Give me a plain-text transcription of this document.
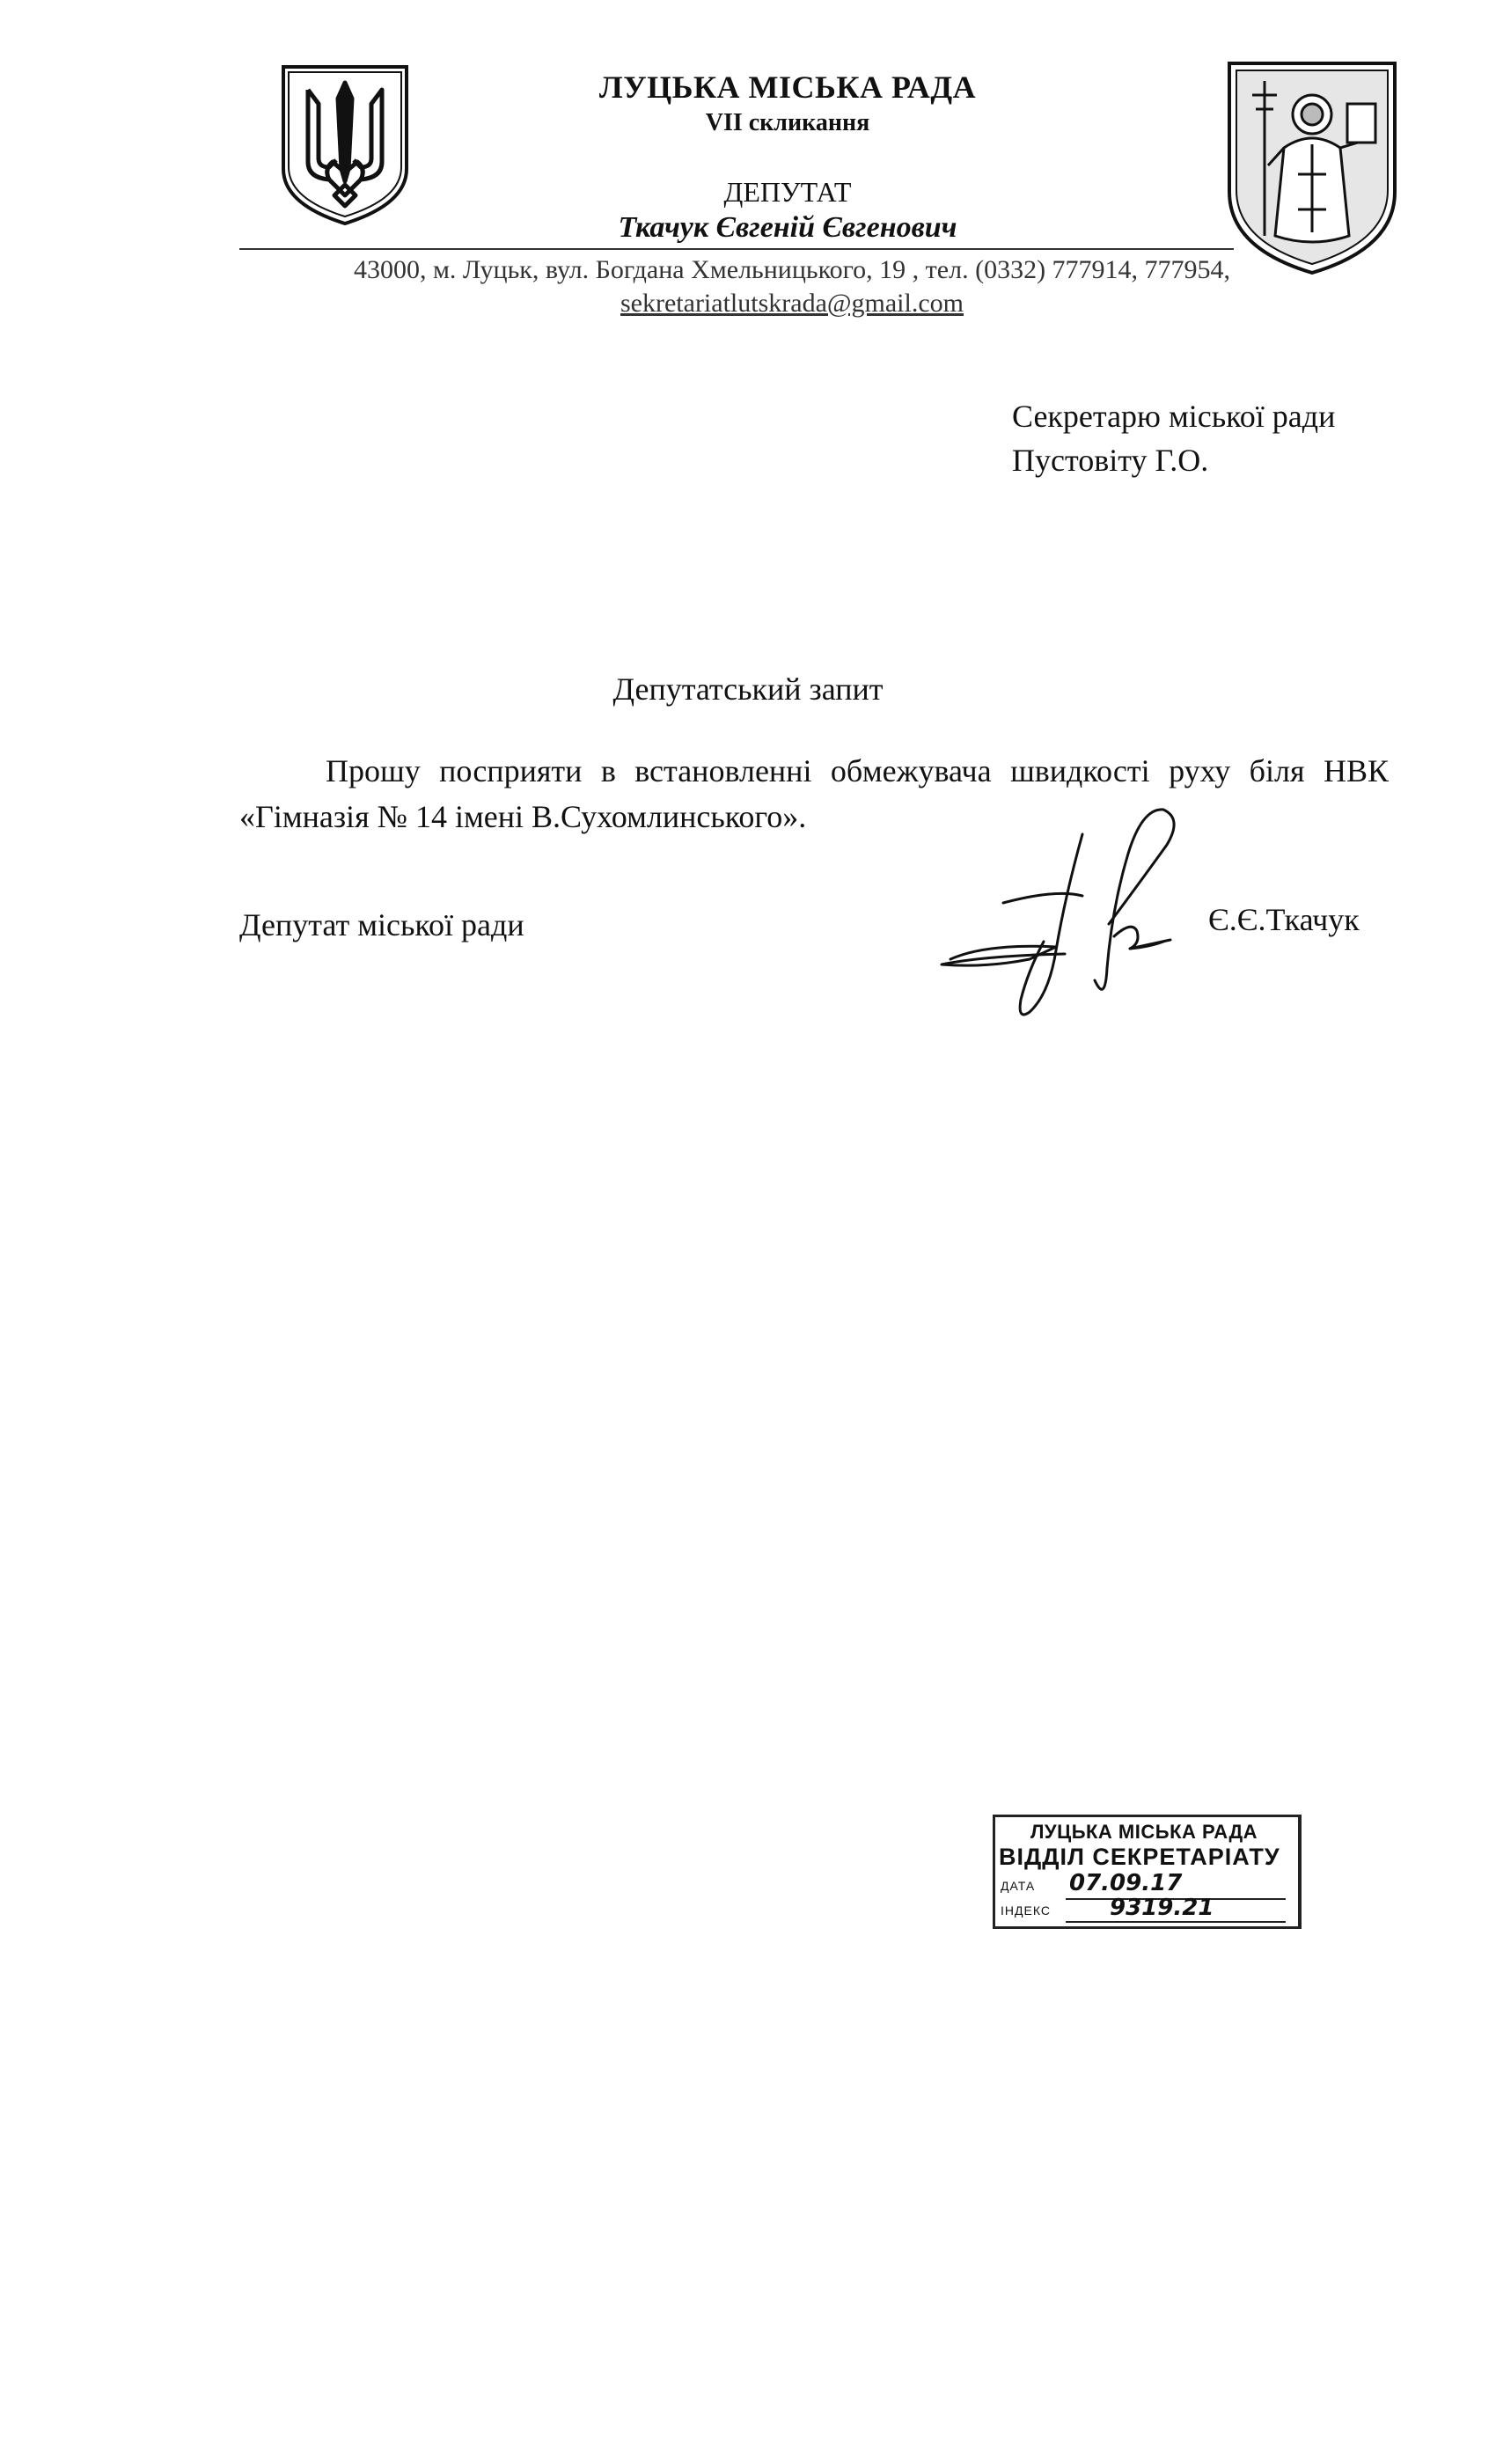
ЛУЦЬКА МІСЬКА РАДА
VII скликання
ДЕПУТАТ
Ткачук Євгеній Євгенович
43000, м. Луцьк, вул. Богдана Хмельницького, 19 , тел. (0332) 777914, 777954,
sekretariatlutskrada@gmail.com
Секретарю міської ради
Пустовіту Г.О.
Депутатський запит
Прошу посприяти в встановленні обмежувача швидкості руху біля НВК «Гімназія № 14 імені В.Сухомлинського».
Депутат міської ради	Є.Є.Ткачук
ЛУЦЬКА МІСЬКА РАДА
ВІДДІЛ СЕКРЕТАРІАТУ
ДАТА 07.09.17
ІНДЕКС	9319.21
